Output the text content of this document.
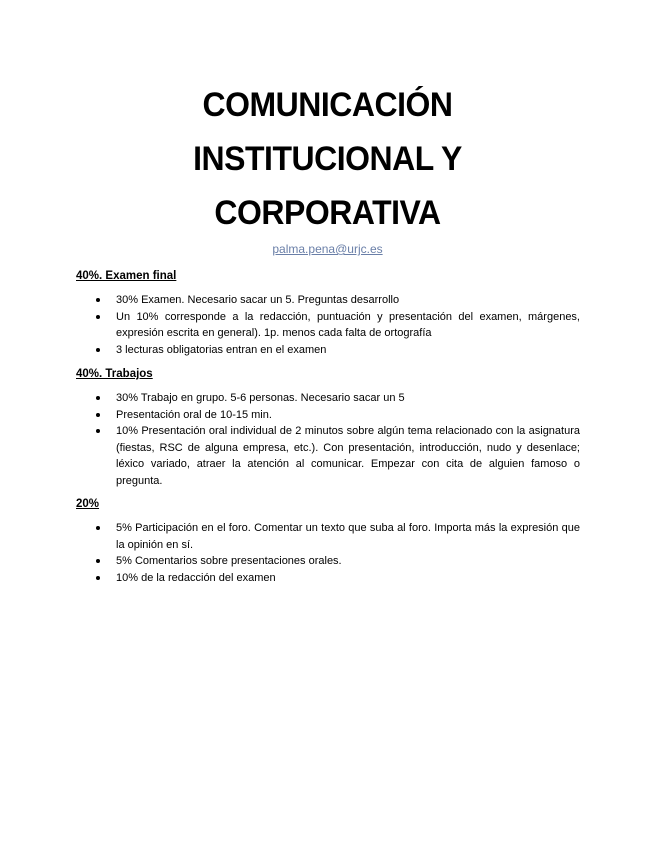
COMUNICACIÓN
INSTITUCIONAL Y
CORPORATIVA
palma.pena@urjc.es
40%. Examen final
30% Examen. Necesario sacar un 5. Preguntas desarrollo
Un 10% corresponde a la redacción, puntuación y presentación del examen, márgenes, expresión escrita en general). 1p. menos cada falta de ortografía
3 lecturas obligatorias entran en el examen
40%. Trabajos
30% Trabajo en grupo. 5-6 personas. Necesario sacar un 5
Presentación oral de 10-15 min.
10% Presentación oral individual de 2 minutos sobre algún tema relacionado con la asignatura (fiestas, RSC de alguna empresa, etc.). Con presentación, introducción, nudo y desenlace; léxico variado, atraer la atención al comunicar. Empezar con cita de alguien famoso o pregunta.
20%
5% Participación en el foro. Comentar un texto que suba al foro. Importa más la expresión que la opinión en sí.
5% Comentarios sobre presentaciones orales.
10% de la redacción del examen
